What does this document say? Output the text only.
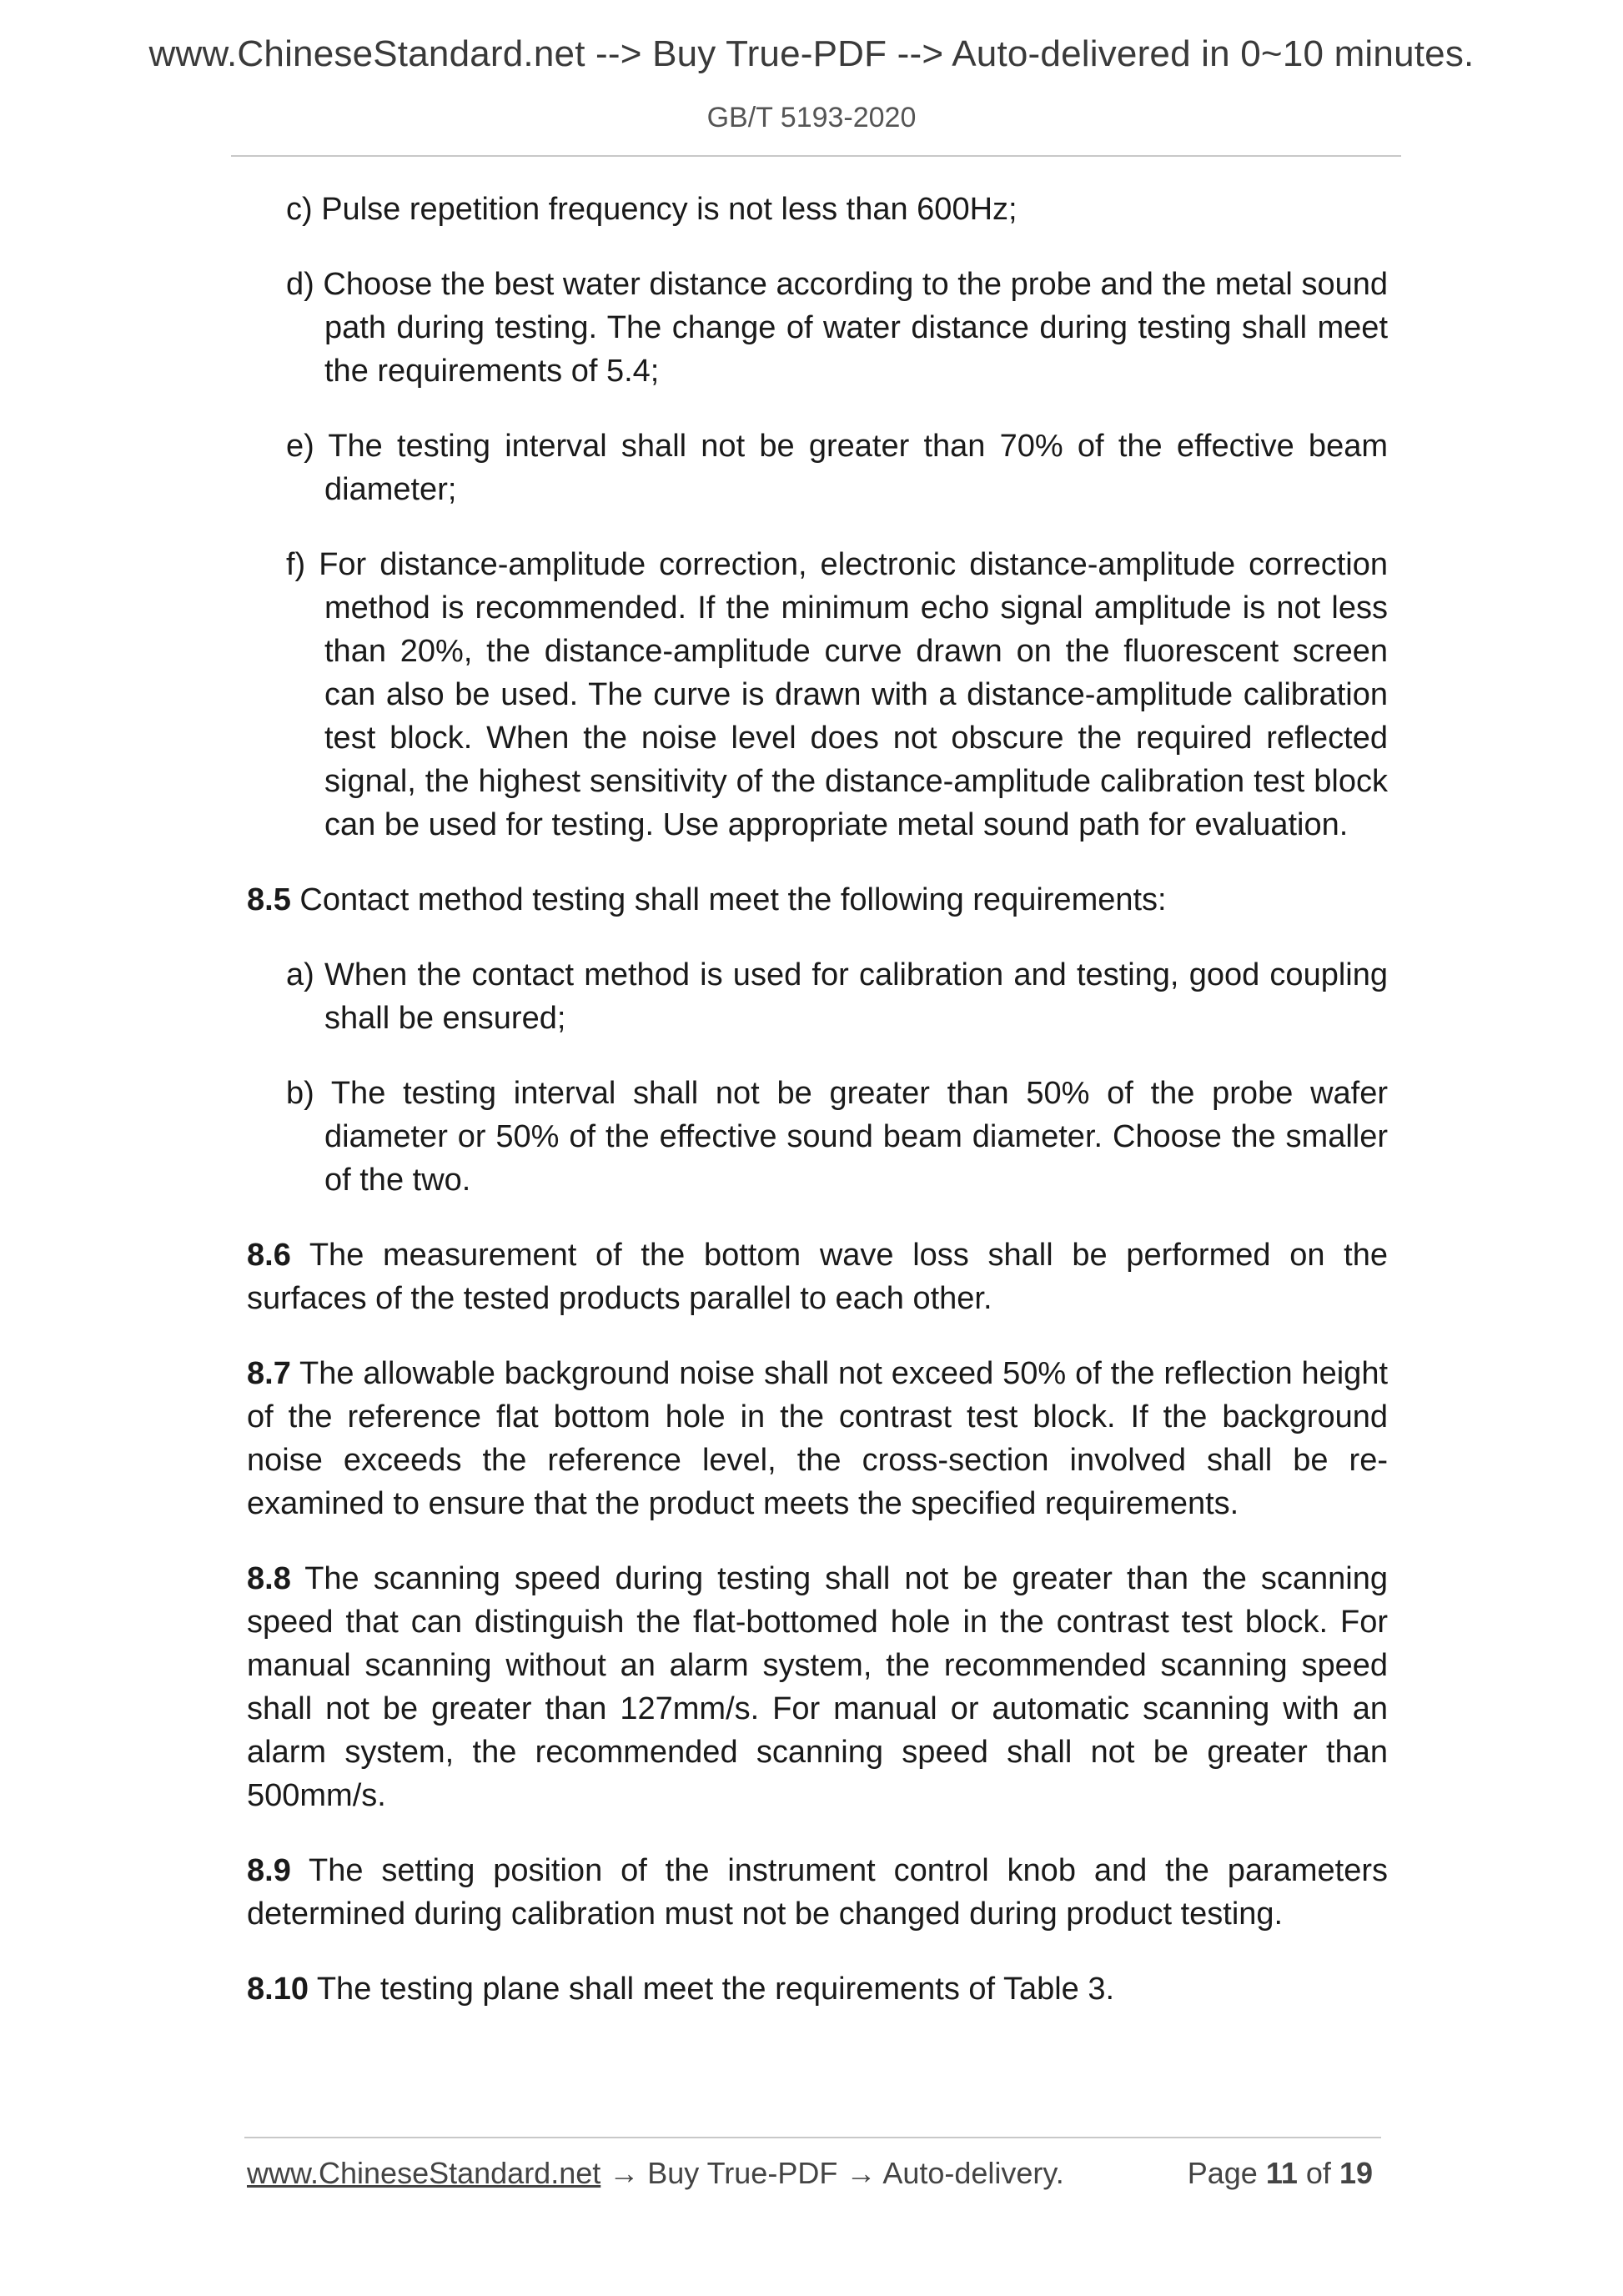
www.ChineseStandard.net --> Buy True-PDF --> Auto-delivered in 0~10 minutes.
GB/T 5193-2020

c) Pulse repetition frequency is not less than 600Hz;

d) Choose the best water distance according to the probe and the metal sound path during testing. The change of water distance during testing shall meet the requirements of 5.4;

e) The testing interval shall not be greater than 70% of the effective beam diameter;

f) For distance-amplitude correction, electronic distance-amplitude correction method is recommended. If the minimum echo signal amplitude is not less than 20%, the distance-amplitude curve drawn on the fluorescent screen can also be used. The curve is drawn with a distance-amplitude calibration test block. When the noise level does not obscure the required reflected signal, the highest sensitivity of the distance-amplitude calibration test block can be used for testing. Use appropriate metal sound path for evaluation.

8.5 Contact method testing shall meet the following requirements:

a) When the contact method is used for calibration and testing, good coupling shall be ensured;

b) The testing interval shall not be greater than 50% of the probe wafer diameter or 50% of the effective sound beam diameter. Choose the smaller of the two.

8.6 The measurement of the bottom wave loss shall be performed on the surfaces of the tested products parallel to each other.

8.7 The allowable background noise shall not exceed 50% of the reflection height of the reference flat bottom hole in the contrast test block. If the background noise exceeds the reference level, the cross-section involved shall be re-examined to ensure that the product meets the specified requirements.

8.8 The scanning speed during testing shall not be greater than the scanning speed that can distinguish the flat-bottomed hole in the contrast test block. For manual scanning without an alarm system, the recommended scanning speed shall not be greater than 127mm/s. For manual or automatic scanning with an alarm system, the recommended scanning speed shall not be greater than 500mm/s.

8.9 The setting position of the instrument control knob and the parameters determined during calibration must not be changed during product testing.

8.10 The testing plane shall meet the requirements of Table 3.

www.ChineseStandard.net → Buy True-PDF → Auto-delivery.	Page 11 of 19
